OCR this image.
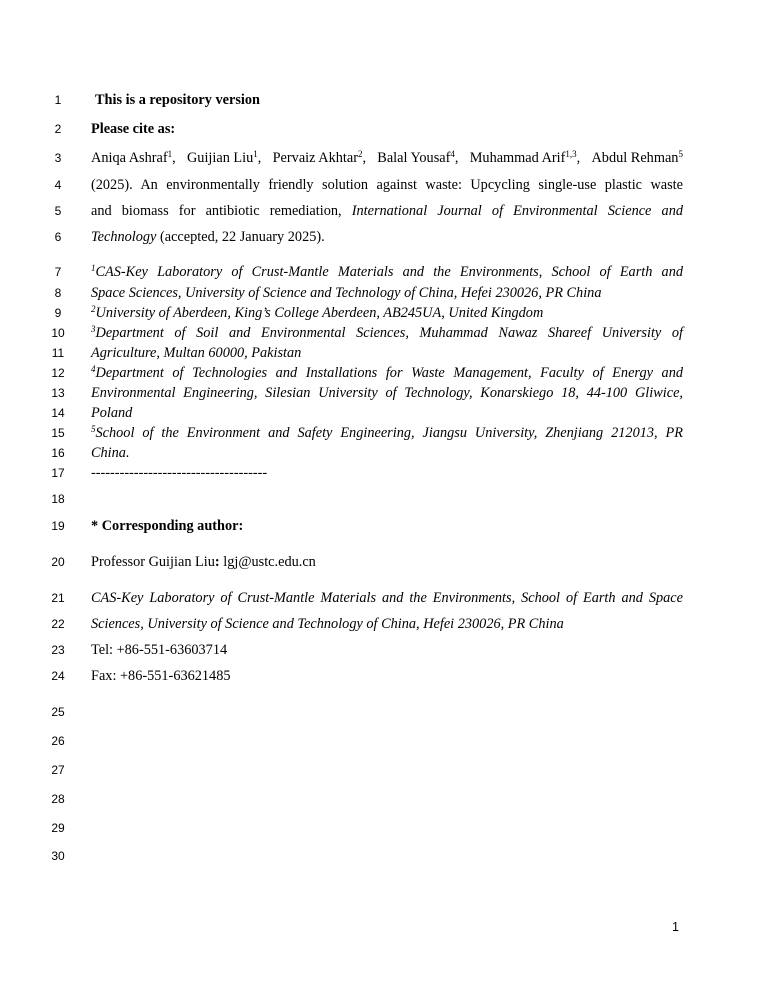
1
2
3
4
5
6
7
8
9
10
11
12
13
14
15
16
17
18
19
20
21
22
23
24
25
26
27
28
29
30
This is a repository version
Please cite as:
Aniqa Ashraf$^1$, Guijian Liu$^1$, Pervaiz Akhtar$^2$, Balal Yousaf$^4$, Muhammad Arif$^{1,3}$, Abdul Rehman$^5$
(2025). An environmentally friendly solution against waste: Upcycling single-use plastic waste
and biomass for antibiotic remediation, International Journal of Environmental Science and
Technology (accepted, 22 January 2025).
$^1$CAS-Key Laboratory of Crust-Mantle Materials and the Environments, School of Earth and
Space Sciences, University of Science and Technology of China, Hefei 230026, PR China
$^2$University of Aberdeen, King’s College Aberdeen, AB245UA, United Kingdom
$^3$Department of Soil and Environmental Sciences, Muhammad Nawaz Shareef University of
Agriculture, Multan 60000, Pakistan
$^4$Department of Technologies and Installations for Waste Management, Faculty of Energy and
Environmental Engineering, Silesian University of Technology, Konarskiego 18, 44-100 Gliwice,
Poland
$^5$School of the Environment and Safety Engineering, Jiangsu University, Zhenjiang 212013, PR
China.
-------------------------------------
* Corresponding author:
Professor Guijian Liu: lgj@ustc.edu.cn
CAS-Key Laboratory of Crust-Mantle Materials and the Environments, School of Earth and Space
Sciences, University of Science and Technology of China, Hefei 230026, PR China
Tel: +86-551-63603714
Fax: +86-551-63621485
1
